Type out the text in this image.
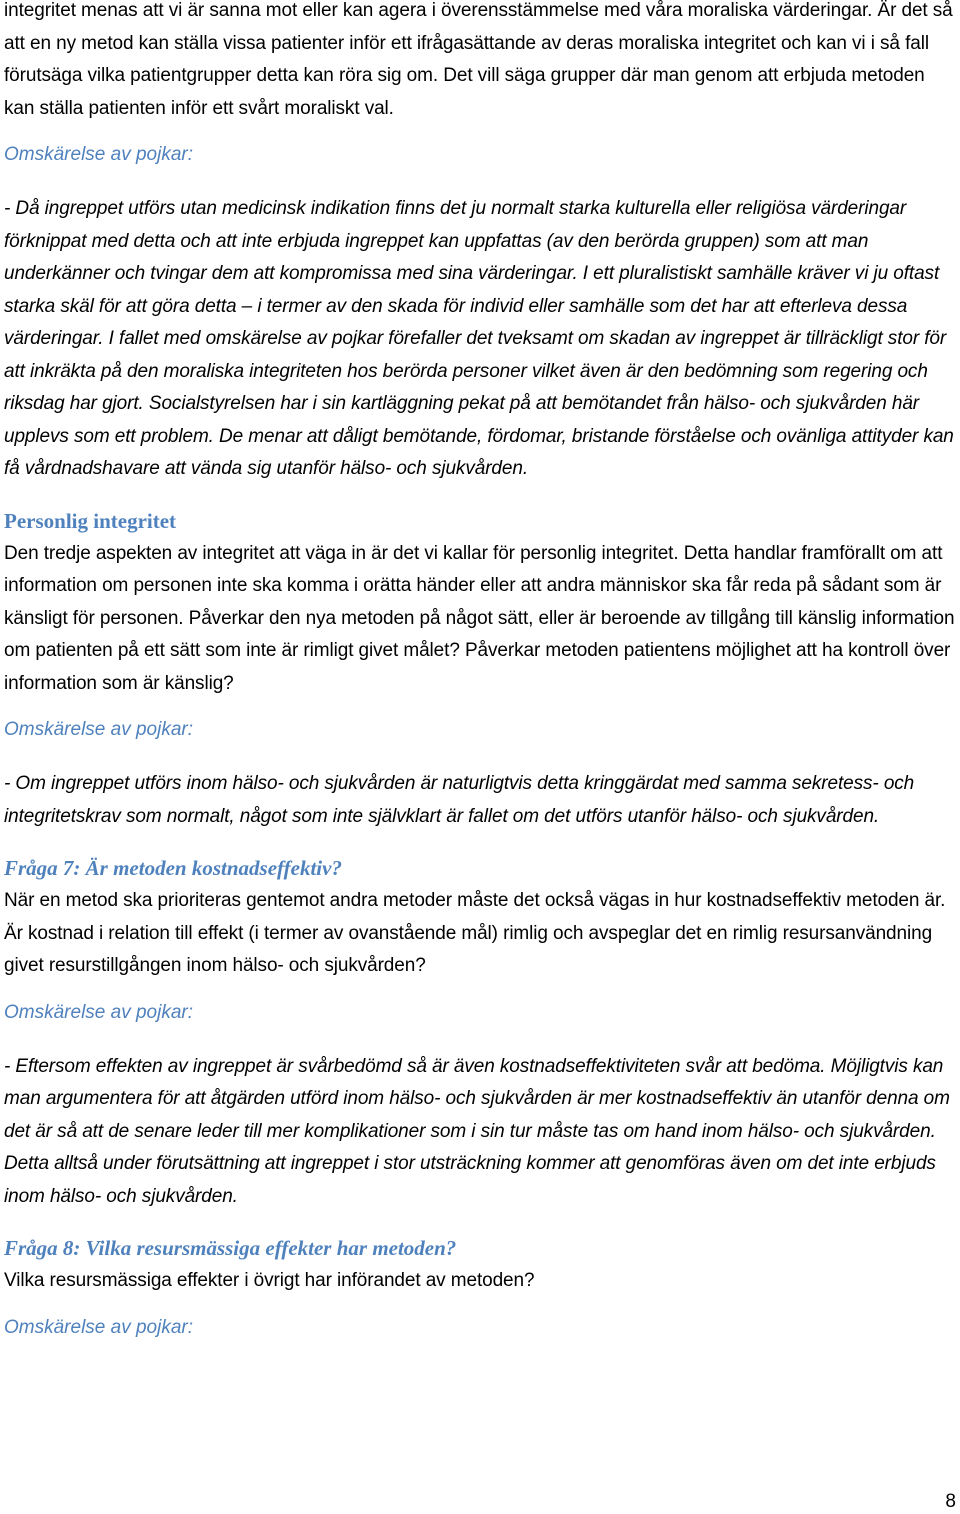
integritet menas att vi är sanna mot eller kan agera i överensstämmelse med våra moraliska värderingar. Är det så att en ny metod kan ställa vissa patienter inför ett ifrågasättande av deras moraliska integritet och kan vi i så fall förutsäga vilka patientgrupper detta kan röra sig om. Det vill säga grupper där man genom att erbjuda metoden kan ställa patienten inför ett svårt moraliskt val.

Omskärelse av pojkar:

- Då ingreppet utförs utan medicinsk indikation finns det ju normalt starka kulturella eller religiösa värderingar förknippat med detta och att inte erbjuda ingreppet kan uppfattas (av den berörda gruppen) som att man underkänner och tvingar dem att kompromissa med sina värderingar. I ett pluralistiskt samhälle kräver vi ju oftast starka skäl för att göra detta – i termer av den skada för individ eller samhälle som det har att efterleva dessa värderingar. I fallet med omskärelse av pojkar förefaller det tveksamt om skadan av ingreppet är tillräckligt stor för att inkräkta på den moraliska integriteten hos berörda personer vilket även är den bedömning som regering och riksdag har gjort. Socialstyrelsen har i sin kartläggning pekat på att bemötandet från hälso- och sjukvården här upplevs som ett problem. De menar att dåligt bemötande, fördomar, bristande förståelse och ovänliga attityder kan få vårdnadshavare att vända sig utanför hälso- och sjukvården.

Personlig integritet

Den tredje aspekten av integritet att väga in är det vi kallar för personlig integritet. Detta handlar framförallt om att information om personen inte ska komma i orätta händer eller att andra människor ska får reda på sådant som är känsligt för personen. Påverkar den nya metoden på något sätt, eller är beroende av tillgång till känslig information om patienten på ett sätt som inte är rimligt givet målet? Påverkar metoden patientens möjlighet att ha kontroll över information som är känslig?

Omskärelse av pojkar:

- Om ingreppet utförs inom hälso- och sjukvården är naturligtvis detta kringgärdat med samma sekretess- och integritetskrav som normalt, något som inte självklart är fallet om det utförs utanför hälso- och sjukvården.

Fråga 7: Är metoden kostnadseffektiv?

När en metod ska prioriteras gentemot andra metoder måste det också vägas in hur kostnadseffektiv metoden är. Är kostnad i relation till effekt (i termer av ovanstående mål) rimlig och avspeglar det en rimlig resursanvändning givet resurstillgången inom hälso- och sjukvården?

Omskärelse av pojkar:

- Eftersom effekten av ingreppet är svårbedömd så är även kostnadseffektiviteten svår att bedöma. Möjligtvis kan man argumentera för att åtgärden utförd inom hälso- och sjukvården är mer kostnadseffektiv än utanför denna om det är så att de senare leder till mer komplikationer som i sin tur måste tas om hand inom hälso- och sjukvården. Detta alltså under förutsättning att ingreppet i stor utsträckning kommer att genomföras även om det inte erbjuds inom hälso- och sjukvården.

Fråga 8: Vilka resursmässiga effekter har metoden?

Vilka resursmässiga effekter i övrigt har införandet av metoden?

Omskärelse av pojkar:

8
